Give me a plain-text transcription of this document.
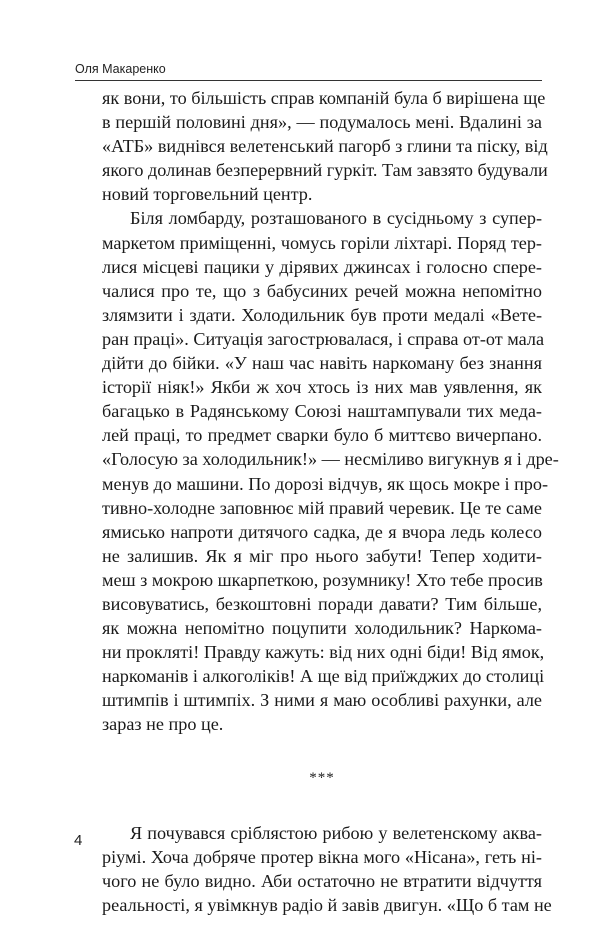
Оля Макаренко

як вони, то більшість справ компаній була б вирішена ще
в першій половині дня», — подумалось мені. Вдалині за
«АТБ» виднівся велетенський пагорб з глини та піску, від
якого долинав безперервний гуркіт. Там завзято будували
новий торговельний центр.

Біля ломбарду, розташованого в сусідньому з супер-
маркетом приміщенні, чомусь горіли ліхтарі. Поряд тер-
лися місцеві пацики у дірявих джинсах і голосно спере-
чалися про те, що з бабусиних речей можна непомітно
злямзити і здати. Холодильник був проти медалі «Вете-
ран праці». Ситуація загострювалася, і справа от-от мала
дійти до бійки. «У наш час навіть наркоману без знання
історії ніяк!» Якби ж хоч хтось із них мав уявлення, як
багацько в Радянському Союзі наштампували тих меда-
лей праці, то предмет сварки було б миттєво вичерпано.
«Голосую за холодильник!» — несміливо вигукнув я і дре-
менув до машини. По дорозі відчув, як щось мокре і про-
тивно-холодне заповнює мій правий черевик. Це те саме
ямисько напроти дитячого садка, де я вчора ледь колесо
не залишив. Як я міг про нього забути! Тепер ходити-
меш з мокрою шкарпеткою, розумнику! Хто тебе просив
висовуватись, безкоштовні поради давати? Тим більше,
як можна непомітно поцупити холодильник? Наркома-
ни прокляті! Правду кажуть: від них одні біди! Від ямок,
наркоманів і алкоголіків! А ще від приїжджих до столиці
штимпів і штимпіх. З ними я маю особливі рахунки, але
зараз не про це.

***

Я почувався сріблястою рибою у велетенскому аква-
ріумі. Хоча добряче протер вікна мого «Нісана», геть ні-
чого не було видно. Аби остаточно не втратити відчуття
реальності, я увімкнув радіо й завів двигун. «Що б там не

4
